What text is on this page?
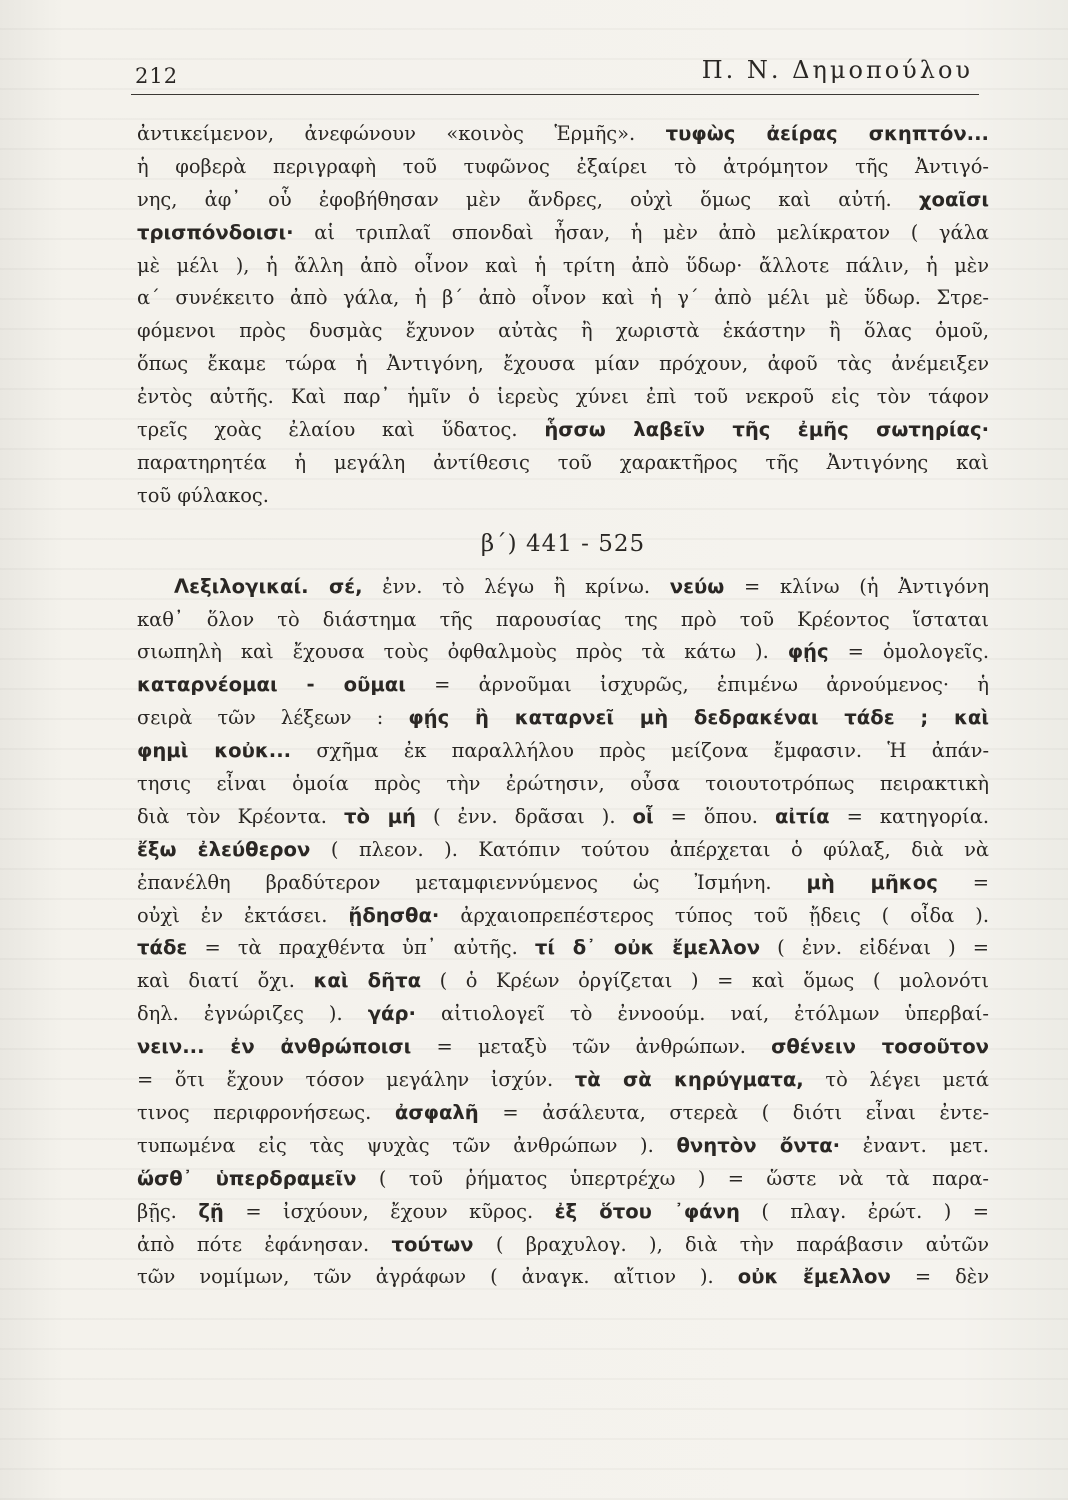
212	Π. Ν. Δημοπούλου
ἀντικείμενον, ἀνεφώνουν «κοινὸς Ἑρμῆς». τυφὼς ἀείρας σκηπτόν...
ἡ φοβερὰ περιγραφὴ τοῦ τυφῶνος ἐξαίρει τὸ ἀτρόμητον τῆς Ἀντιγό-
νης, ἀφ᾿ οὗ ἐφοβήθησαν μὲν ἄνδρες, οὐχὶ ὅμως καὶ αὐτή. χοαῖσι
τρισπόνδοισι· αἱ τριπλαῖ σπονδαὶ ἦσαν, ἡ μὲν ἀπὸ μελίκρατον ( γάλα
μὲ μέλι ), ἡ ἄλλη ἀπὸ οἶνον καὶ ἡ τρίτη ἀπὸ ὕδωρ· ἄλλοτε πάλιν, ἡ μὲν
α΄ συνέκειτο ἀπὸ γάλα, ἡ β΄ ἀπὸ οἶνον καὶ ἡ γ΄ ἀπὸ μέλι μὲ ὕδωρ. Στρε-
φόμενοι πρὸς δυσμὰς ἔχυνον αὐτὰς ἢ χωριστὰ ἑκάστην ἢ ὅλας ὁμοῦ,
ὅπως ἔκαμε τώρα ἡ Ἀντιγόνη, ἔχουσα μίαν πρόχουν, ἀφοῦ τὰς ἀνέμειξεν
ἐντὸς αὐτῆς. Καὶ παρ᾿ ἡμῖν ὁ ἱερεὺς χύνει ἐπὶ τοῦ νεκροῦ εἰς τὸν τάφον
τρεῖς χοὰς ἐλαίου καὶ ὕδατος. ἧσσω λαβεῖν τῆς ἐμῆς σωτηρίας·
παρατηρητέα ἡ μεγάλη ἀντίθεσις τοῦ χαρακτῆρος τῆς Ἀντιγόνης καὶ
τοῦ φύλακος.
β΄) 441 - 525
Λεξιλογικαί. σέ, ἐνν. τὸ λέγω ἢ κρίνω. νεύω = κλίνω (ἡ Ἀντιγόνη
καθ᾿ ὅλον τὸ διάστημα τῆς παρουσίας της πρὸ τοῦ Κρέοντος ἵσταται
σιωπηλὴ καὶ ἔχουσα τοὺς ὀφθαλμοὺς πρὸς τὰ κάτω ). φῄς = ὁμολογεῖς.
καταρνέομαι - οῦμαι = ἀρνοῦμαι ἰσχυρῶς, ἐπιμένω ἀρνούμενος· ἡ
σειρὰ τῶν λέξεων : φῄς ἢ καταρνεῖ μὴ δεδρακέναι τάδε ; καὶ
φημὶ κοὐκ... σχῆμα ἐκ παραλλήλου πρὸς μείζονα ἔμφασιν. Ἡ ἀπάν-
τησις εἶναι ὁμοία πρὸς τὴν ἐρώτησιν, οὖσα τοιουτοτρόπως πειρακτικὴ
διὰ τὸν Κρέοντα. τὸ μή ( ἐνν. δρᾶσαι ). οἷ = ὅπου. αἰτία = κατηγορία.
ἔξω ἐλεύθερον ( πλεον. ). Κατόπιν τούτου ἀπέρχεται ὁ φύλαξ, διὰ νὰ
ἐπανέλθη βραδύτερον μεταμφιεννύμενος ὡς Ἰσμήνη. μὴ μῆκος =
οὐχὶ ἐν ἐκτάσει. ᾔδησθα· ἀρχαιοπρεπέστερος τύπος τοῦ ᾔδεις ( οἶδα ).
τάδε = τὰ πραχθέντα ὑπ᾿ αὐτῆς. τί δ᾿ οὐκ ἔμελλον ( ἐνν. εἰδέναι ) =
καὶ διατί ὄχι. καὶ δῆτα ( ὁ Κρέων ὀργίζεται ) = καὶ ὅμως ( μολονότι
δηλ. ἐγνώριζες ). γάρ· αἰτιολογεῖ τὸ ἐννοούμ. ναί, ἐτόλμων ὑπερβαί-
νειν... ἐν ἀνθρώποισι = μεταξὺ τῶν ἀνθρώπων. σθένειν τοσοῦτον
= ὅτι ἔχουν τόσον μεγάλην ἰσχύν. τὰ σὰ κηρύγματα, τὸ λέγει μετά
τινος περιφρονήσεως. ἀσφαλῆ = ἀσάλευτα, στερεὰ ( διότι εἶναι ἐντε-
τυπωμένα εἰς τὰς ψυχὰς τῶν ἀνθρώπων ). θνητὸν ὄντα· ἐναντ. μετ.
ὥσθ᾿ ὑπερδραμεῖν ( τοῦ ῥήματος ὑπερτρέχω ) = ὥστε νὰ τὰ παρα-
βῇς. ζῇ = ἰσχύουν, ἔχουν κῦρος. ἐξ ὅτου ᾿φάνη ( πλαγ. ἐρώτ. ) =
ἀπὸ πότε ἐφάνησαν. τούτων ( βραχυλογ. ), διὰ τὴν παράβασιν αὐτῶν
τῶν νομίμων, τῶν ἀγράφων ( ἀναγκ. αἴτιον ). οὐκ ἔμελλον = δὲν
